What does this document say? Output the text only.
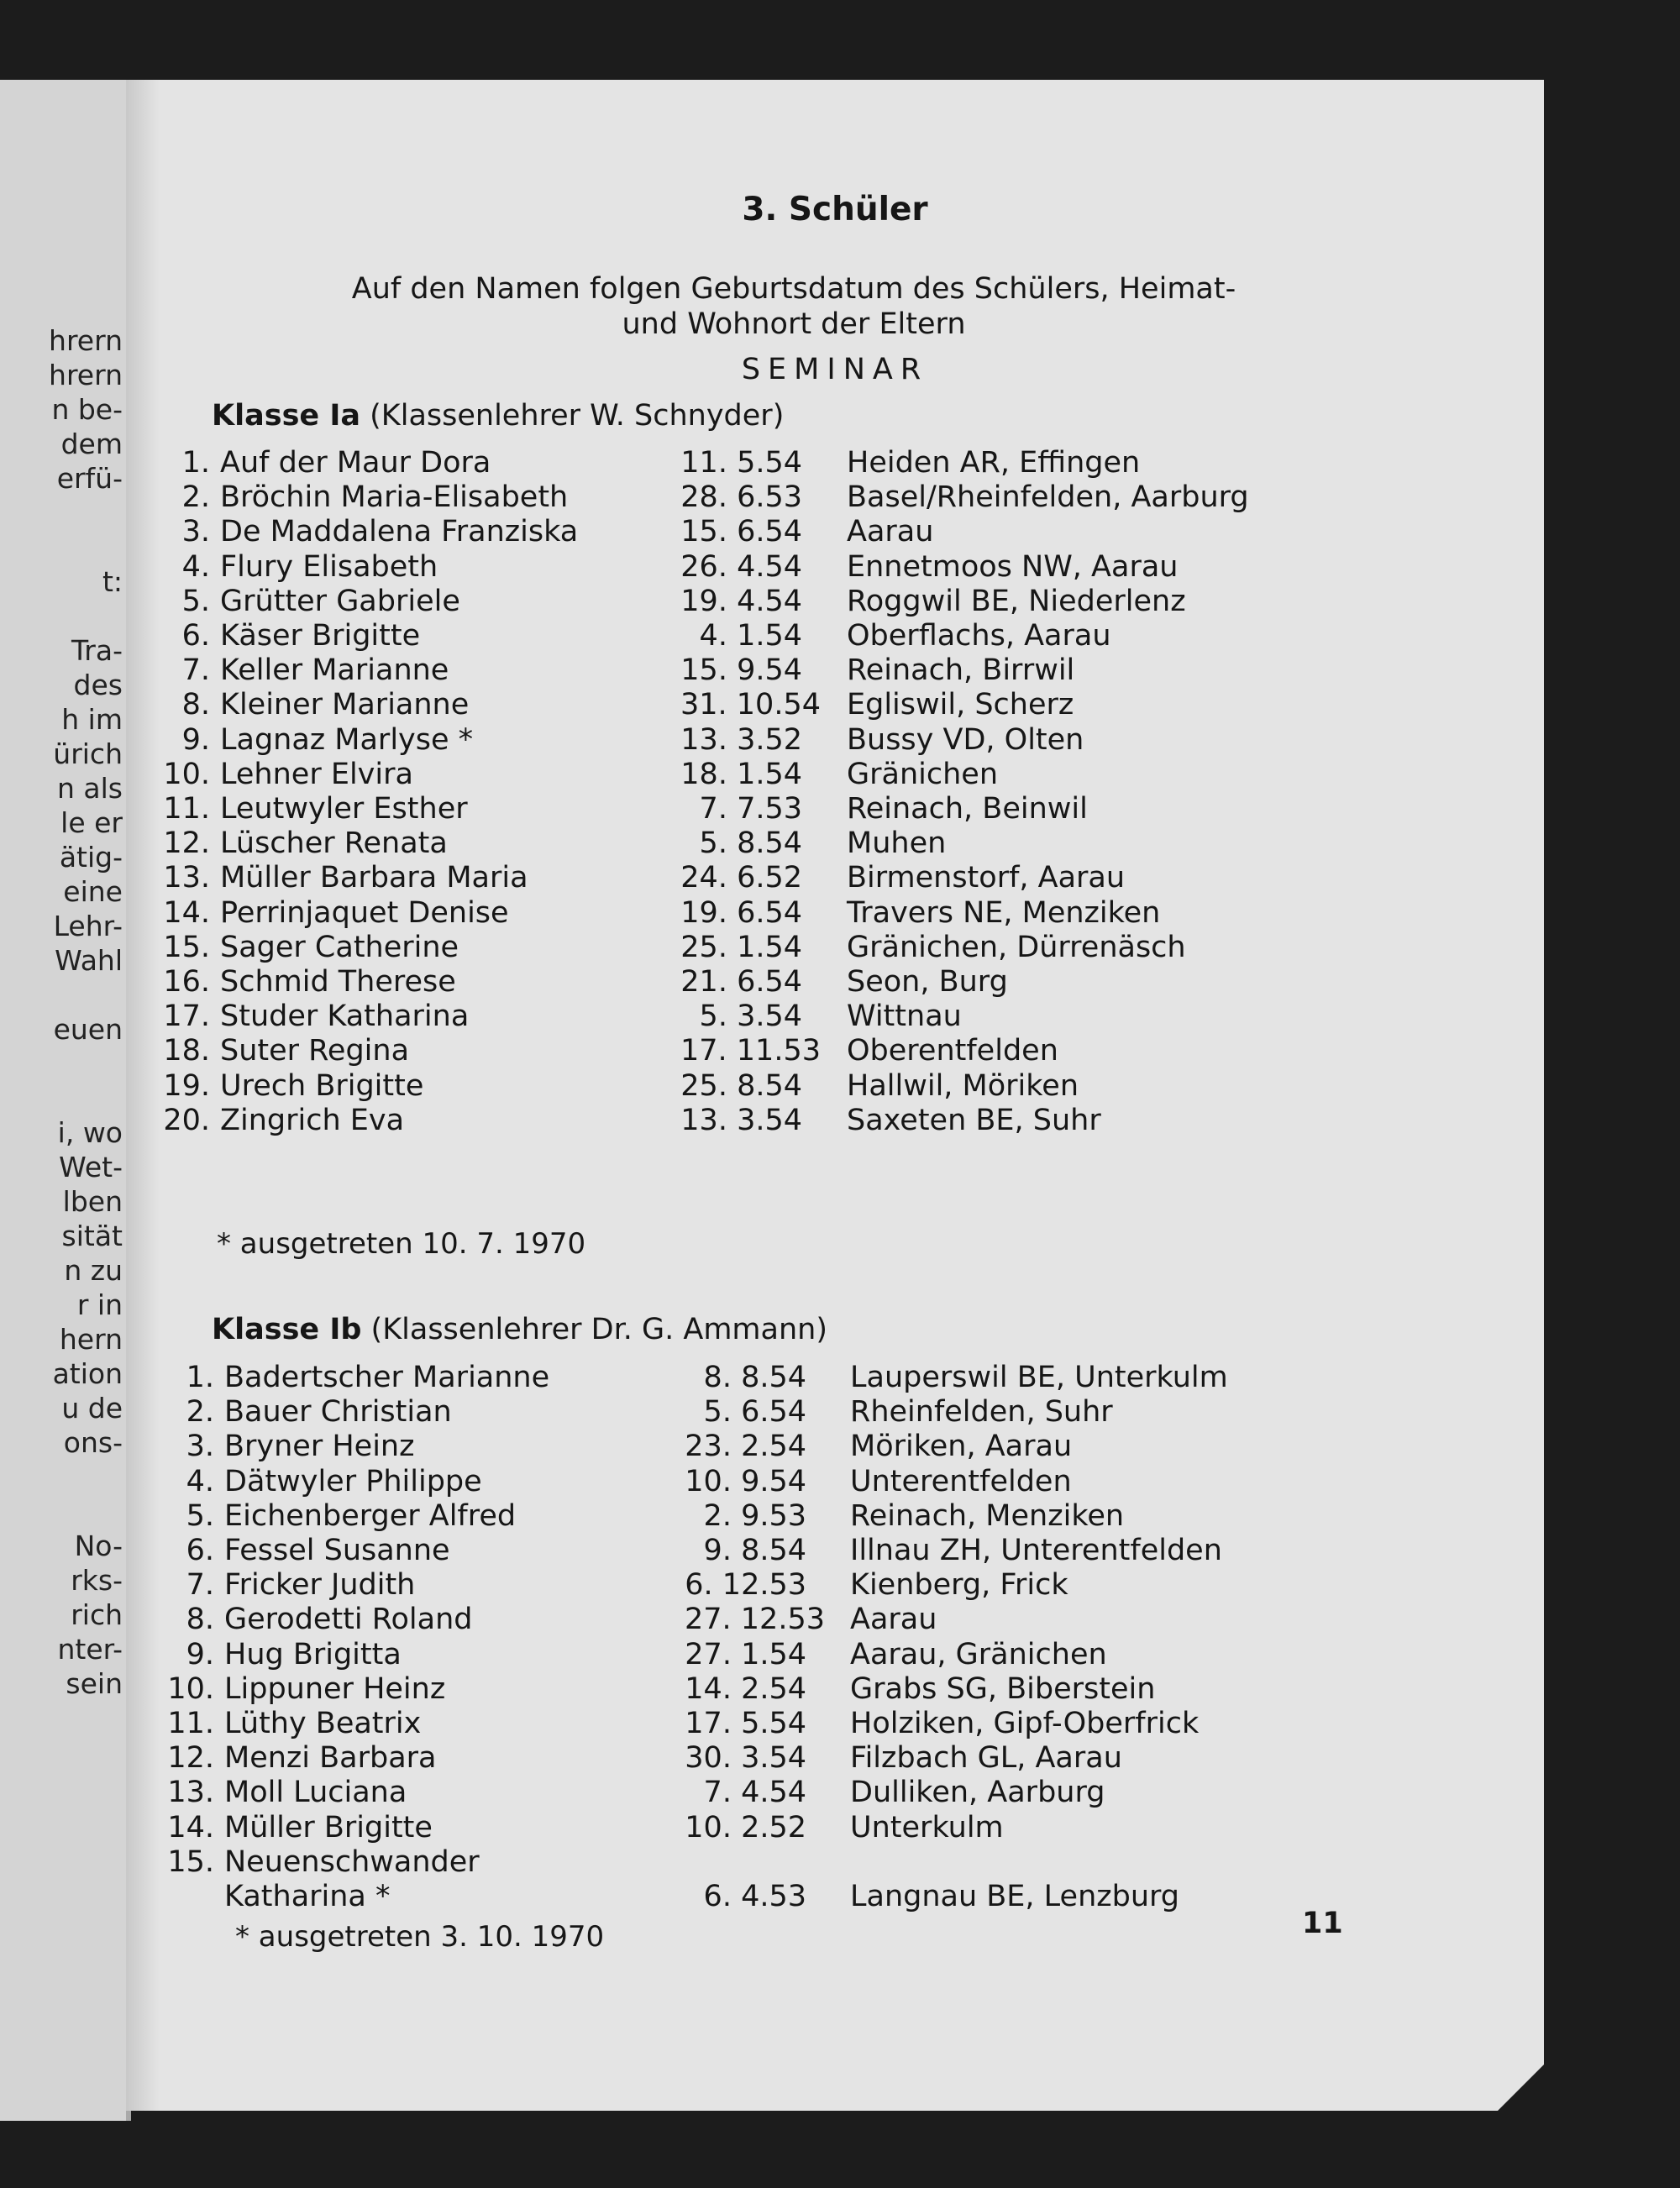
hrern
hrern
n be-
dem
erfü-
t:
Tra-
des
h im
ürich
n als
le er
ätig-
eine
Lehr-
Wahl
euen
i, wo
Wet-
lben
sität
n zu
r in
hern
ation
u de
ons-
No-
rks-
rich
nter-
sein
3. Schüler
Auf den Namen folgen Geburtsdatum des Schülers, Heimat- und Wohnort der Eltern
SEMINAR
Klasse Ia (Klassenlehrer W. Schnyder)
1. Auf der Maur Dora	11. 5.54 Heiden AR, Effingen
2. Bröchin Maria-Elisabeth	28. 6.53 Basel/Rheinfelden, Aarburg
3. De Maddalena Franziska	15. 6.54 Aarau
4. Flury Elisabeth	26. 4.54 Ennetmoos NW, Aarau
5. Grütter Gabriele	19. 4.54 Roggwil BE, Niederlenz
6. Käser Brigitte	4. 1.54 Oberflachs, Aarau
7. Keller Marianne	15. 9.54 Reinach, Birrwil
8. Kleiner Marianne	31. 10.54 Egliswil, Scherz
9. Lagnaz Marlyse *	13. 3.52 Bussy VD, Olten
10. Lehner Elvira	18. 1.54 Gränichen
11. Leutwyler Esther	7. 7.53 Reinach, Beinwil
12. Lüscher Renata	5. 8.54 Muhen
13. Müller Barbara Maria	24. 6.52 Birmenstorf, Aarau
14. Perrinjaquet Denise	19. 6.54 Travers NE, Menziken
15. Sager Catherine	25. 1.54 Gränichen, Dürrenäsch
16. Schmid Therese	21. 6.54 Seon, Burg
17. Studer Katharina	5. 3.54 Wittnau
18. Suter Regina	17. 11.53 Oberentfelden
19. Urech Brigitte	25. 8.54 Hallwil, Möriken
20. Zingrich Eva	13. 3.54 Saxeten BE, Suhr
* ausgetreten 10. 7. 1970
Klasse Ib (Klassenlehrer Dr. G. Ammann)
1. Badertscher Marianne	8. 8.54 Lauperswil BE, Unterkulm
2. Bauer Christian	5. 6.54 Rheinfelden, Suhr
3. Bryner Heinz	23. 2.54 Möriken, Aarau
4. Dätwyler Philippe	10. 9.54 Unterentfelden
5. Eichenberger Alfred	2. 9.53 Reinach, Menziken
6. Fessel Susanne	9. 8.54 Illnau ZH, Unterentfelden
7. Fricker Judith	6. 12.53 Kienberg, Frick
8. Gerodetti Roland	27. 12.53 Aarau
9. Hug Brigitta	27. 1.54 Aarau, Gränichen
10. Lippuner Heinz	14. 2.54 Grabs SG, Biberstein
11. Lüthy Beatrix	17. 5.54 Holziken, Gipf-Oberfrick
12. Menzi Barbara	30. 3.54 Filzbach GL, Aarau
13. Moll Luciana	7. 4.54 Dulliken, Aarburg
14. Müller Brigitte	10. 2.52 Unterkulm
15. Neuenschwander
Katharina *	6. 4.53 Langnau BE, Lenzburg
* ausgetreten 3. 10. 1970	11
